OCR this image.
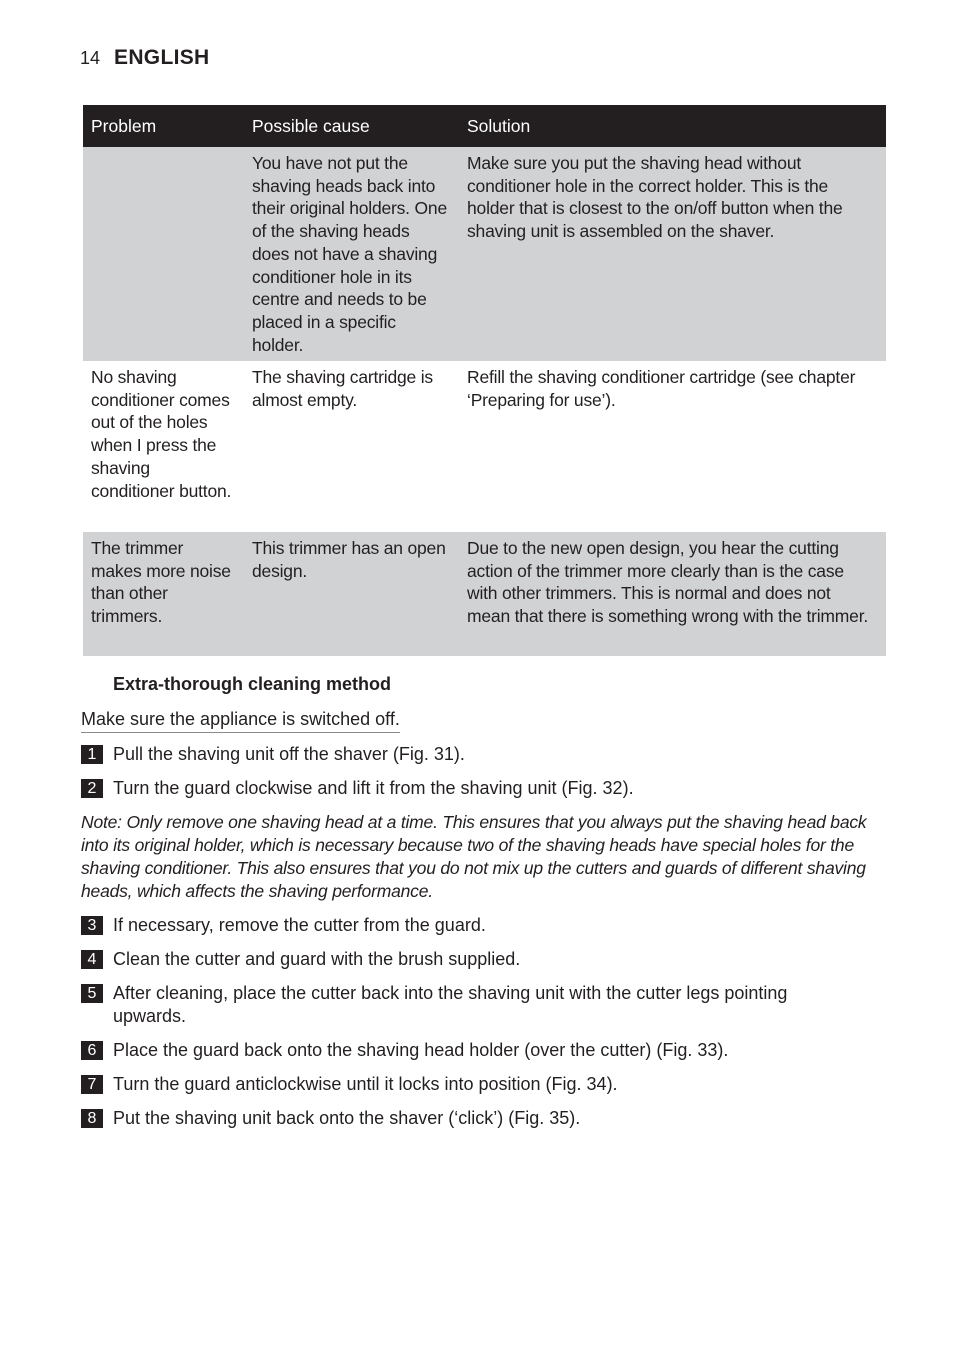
14 ENGLISH
Problem	Possible cause	Solution
	You have not put the shaving heads back into their original holders. One of the shaving heads does not have a shaving conditioner hole in its centre and needs to be placed in a specific holder.	Make sure you put the shaving head without conditioner hole in the correct holder. This is the holder that is closest to the on/off button when the shaving unit is assembled on the shaver.
No shaving conditioner comes out of the holes when I press the shaving conditioner button.	The shaving cartridge is almost empty.	Refill the shaving conditioner cartridge (see chapter ‘Preparing for use’).
The trimmer makes more noise than other trimmers.	This trimmer has an open design.	Due to the new open design, you hear the cutting action of the trimmer more clearly than is the case with other trimmers. This is normal and does not mean that there is something wrong with the trimmer.
Extra-thorough cleaning method
Make sure the appliance is switched off.
1 Pull the shaving unit off the shaver (Fig. 31).
2 Turn the guard clockwise and lift it from the shaving unit (Fig. 32).
Note: Only remove one shaving head at a time. This ensures that you always put the shaving head back into its original holder, which is necessary because two of the shaving heads have special holes for the shaving conditioner. This also ensures that you do not mix up the cutters and guards of different shaving heads, which affects the shaving performance.
3 If necessary, remove the cutter from the guard.
4 Clean the cutter and guard with the brush supplied.
5 After cleaning, place the cutter back into the shaving unit with the cutter legs pointing upwards.
6 Place the guard back onto the shaving head holder (over the cutter) (Fig. 33).
7 Turn the guard anticlockwise until it locks into position (Fig. 34).
8 Put the shaving unit back onto the shaver (‘click’) (Fig. 35).
